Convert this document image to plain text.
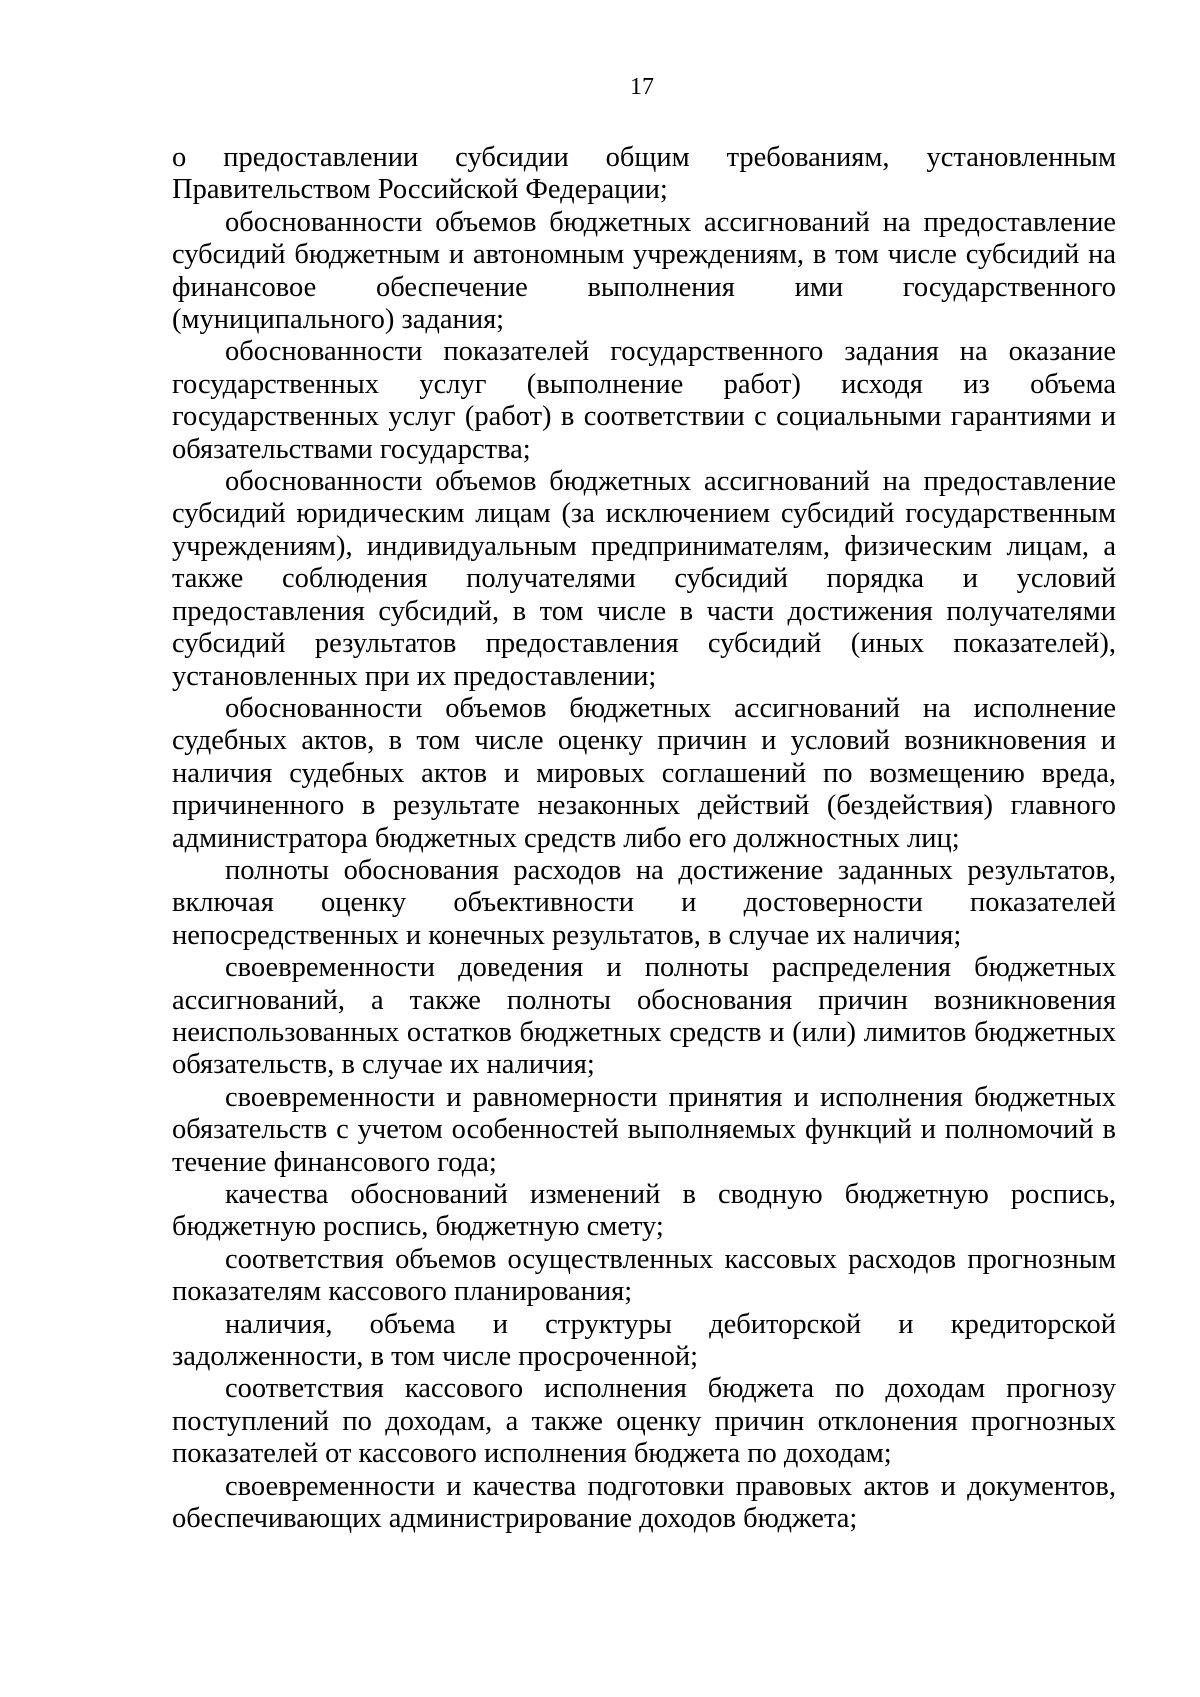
17

о предоставлении субсидии общим требованиям, установленным Правительством Российской Федерации;

обоснованности объемов бюджетных ассигнований на предоставление субсидий бюджетным и автономным учреждениям, в том числе субсидий на финансовое обеспечение выполнения ими государственного (муниципального) задания;

обоснованности показателей государственного задания на оказание государственных услуг (выполнение работ) исходя из объема государственных услуг (работ) в соответствии с социальными гарантиями и обязательствами государства;

обоснованности объемов бюджетных ассигнований на предоставление субсидий юридическим лицам (за исключением субсидий государственным учреждениям), индивидуальным предпринимателям, физическим лицам, а также соблюдения получателями субсидий порядка и условий предоставления субсидий, в том числе в части достижения получателями субсидий результатов предоставления субсидий (иных показателей), установленных при их предоставлении;

обоснованности объемов бюджетных ассигнований на исполнение судебных актов, в том числе оценку причин и условий возникновения и наличия судебных актов и мировых соглашений по возмещению вреда, причиненного в результате незаконных действий (бездействия) главного администратора бюджетных средств либо его должностных лиц;

полноты обоснования расходов на достижение заданных результатов, включая оценку объективности и достоверности показателей непосредственных и конечных результатов, в случае их наличия;

своевременности доведения и полноты распределения бюджетных ассигнований, а также полноты обоснования причин возникновения неиспользованных остатков бюджетных средств и (или) лимитов бюджетных обязательств, в случае их наличия;

своевременности и равномерности принятия и исполнения бюджетных обязательств с учетом особенностей выполняемых функций и полномочий в течение финансового года;

качества обоснований изменений в сводную бюджетную роспись, бюджетную роспись, бюджетную смету;

соответствия объемов осуществленных кассовых расходов прогнозным показателям кассового планирования;

наличия, объема и структуры дебиторской и кредиторской задолженности, в том числе просроченной;

соответствия кассового исполнения бюджета по доходам прогнозу поступлений по доходам, а также оценку причин отклонения прогнозных показателей от кассового исполнения бюджета по доходам;

своевременности и качества подготовки правовых актов и документов, обеспечивающих администрирование доходов бюджета;
